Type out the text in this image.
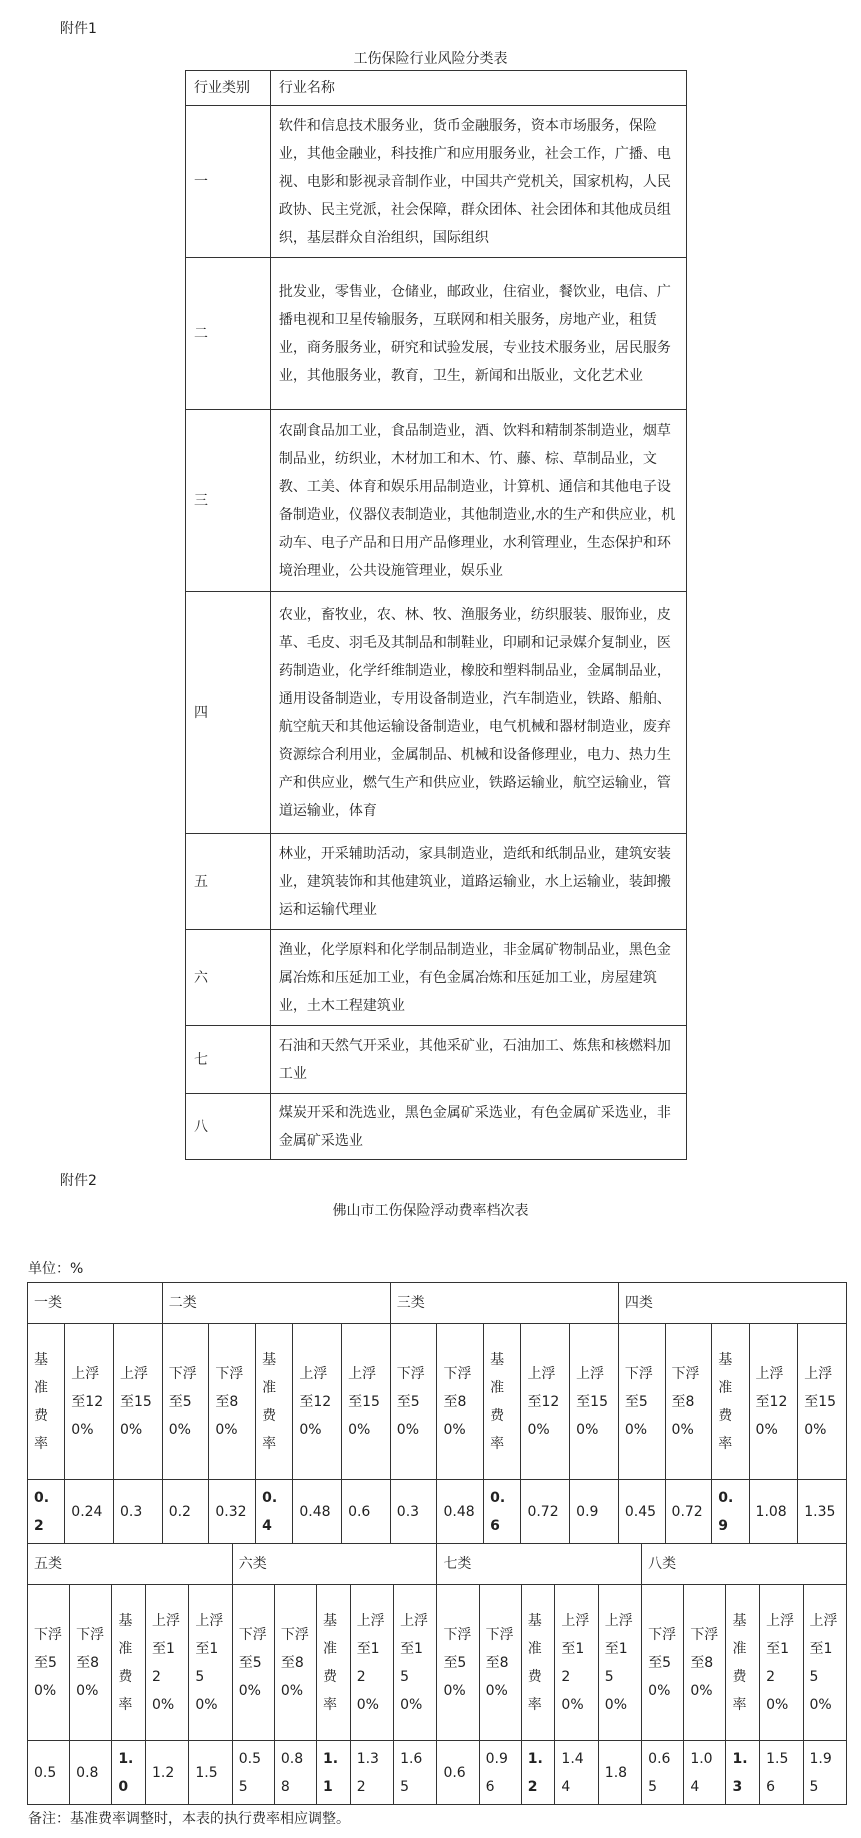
附件1
工伤保险行业风险分类表
行业类别	行业名称
一	软件和信息技术服务业，货币金融服务，资本市场服务，保险业，其他金融业，科技推广和应用服务业，社会工作，广播、电视、电影和影视录音制作业，中国共产党机关，国家机构，人民政协、民主党派，社会保障，群众团体、社会团体和其他成员组织，基层群众自治组织，国际组织
二	批发业，零售业，仓储业，邮政业，住宿业，餐饮业，电信、广播电视和卫星传输服务，互联网和相关服务，房地产业，租赁业，商务服务业，研究和试验发展，专业技术服务业，居民服务业，其他服务业，教育，卫生，新闻和出版业，文化艺术业
三	农副食品加工业，食品制造业，酒、饮料和精制茶制造业，烟草制品业，纺织业，木材加工和木、竹、藤、棕、草制品业，文教、工美、体育和娱乐用品制造业，计算机、通信和其他电子设备制造业，仪器仪表制造业，其他制造业,水的生产和供应业，机动车、电子产品和日用产品修理业，水利管理业，生态保护和环境治理业，公共设施管理业，娱乐业
四	农业，畜牧业，农、林、牧、渔服务业，纺织服装、服饰业，皮革、毛皮、羽毛及其制品和制鞋业，印刷和记录媒介复制业，医药制造业，化学纤维制造业，橡胶和塑料制品业，金属制品业，通用设备制造业，专用设备制造业，汽车制造业，铁路、船舶、航空航天和其他运输设备制造业，电气机械和器材制造业，废弃资源综合利用业，金属制品、机械和设备修理业，电力、热力生产和供应业，燃气生产和供应业，铁路运输业，航空运输业，管道运输业，体育
五	林业，开采辅助活动，家具制造业，造纸和纸制品业，建筑安装业，建筑装饰和其他建筑业，道路运输业，水上运输业，装卸搬运和运输代理业
六	渔业，化学原料和化学制品制造业，非金属矿物制品业，黑色金属冶炼和压延加工业，有色金属冶炼和压延加工业，房屋建筑业，土木工程建筑业
七	石油和天然气开采业，其他采矿业，石油加工、炼焦和核燃料加工业
八	煤炭开采和洗选业，黑色金属矿采选业，有色金属矿采选业，非金属矿采选业
附件2
佛山市工伤保险浮动费率档次表
单位：%
一类			二类					三类					四类				
基准费率	上浮至120%	上浮至150%	下浮至50%	下浮至80%	基准费率	上浮至120%	上浮至150%	下浮至50%	下浮至80%	基准费率	上浮至120%	上浮至150%	下浮至50%	下浮至80%	基准费率	上浮至120%	上浮至150%
0.2	0.24	0.3	0.2	0.32	0.4	0.48	0.6	0.3	0.48	0.6	0.72	0.9	0.45	0.72	0.9	1.08	1.35
五类					六类					七类					八类				
下浮至50%	下浮至80%	基准费率	上浮至120%	上浮至150%	下浮至50%	下浮至80%	基准费率	上浮至120%	上浮至150%	下浮至50%	下浮至80%	基准费率	上浮至120%	上浮至150%	下浮至50%	下浮至80%	基准费率	上浮至120%	上浮至150%
0.5	0.8	1.0	1.2	1.5	0.55	0.88	1.1	1.32	1.65	0.6	0.96	1.2	1.44	1.8	0.65	1.04	1.3	1.56	1.95
备注：基准费率调整时，本表的执行费率相应调整。
